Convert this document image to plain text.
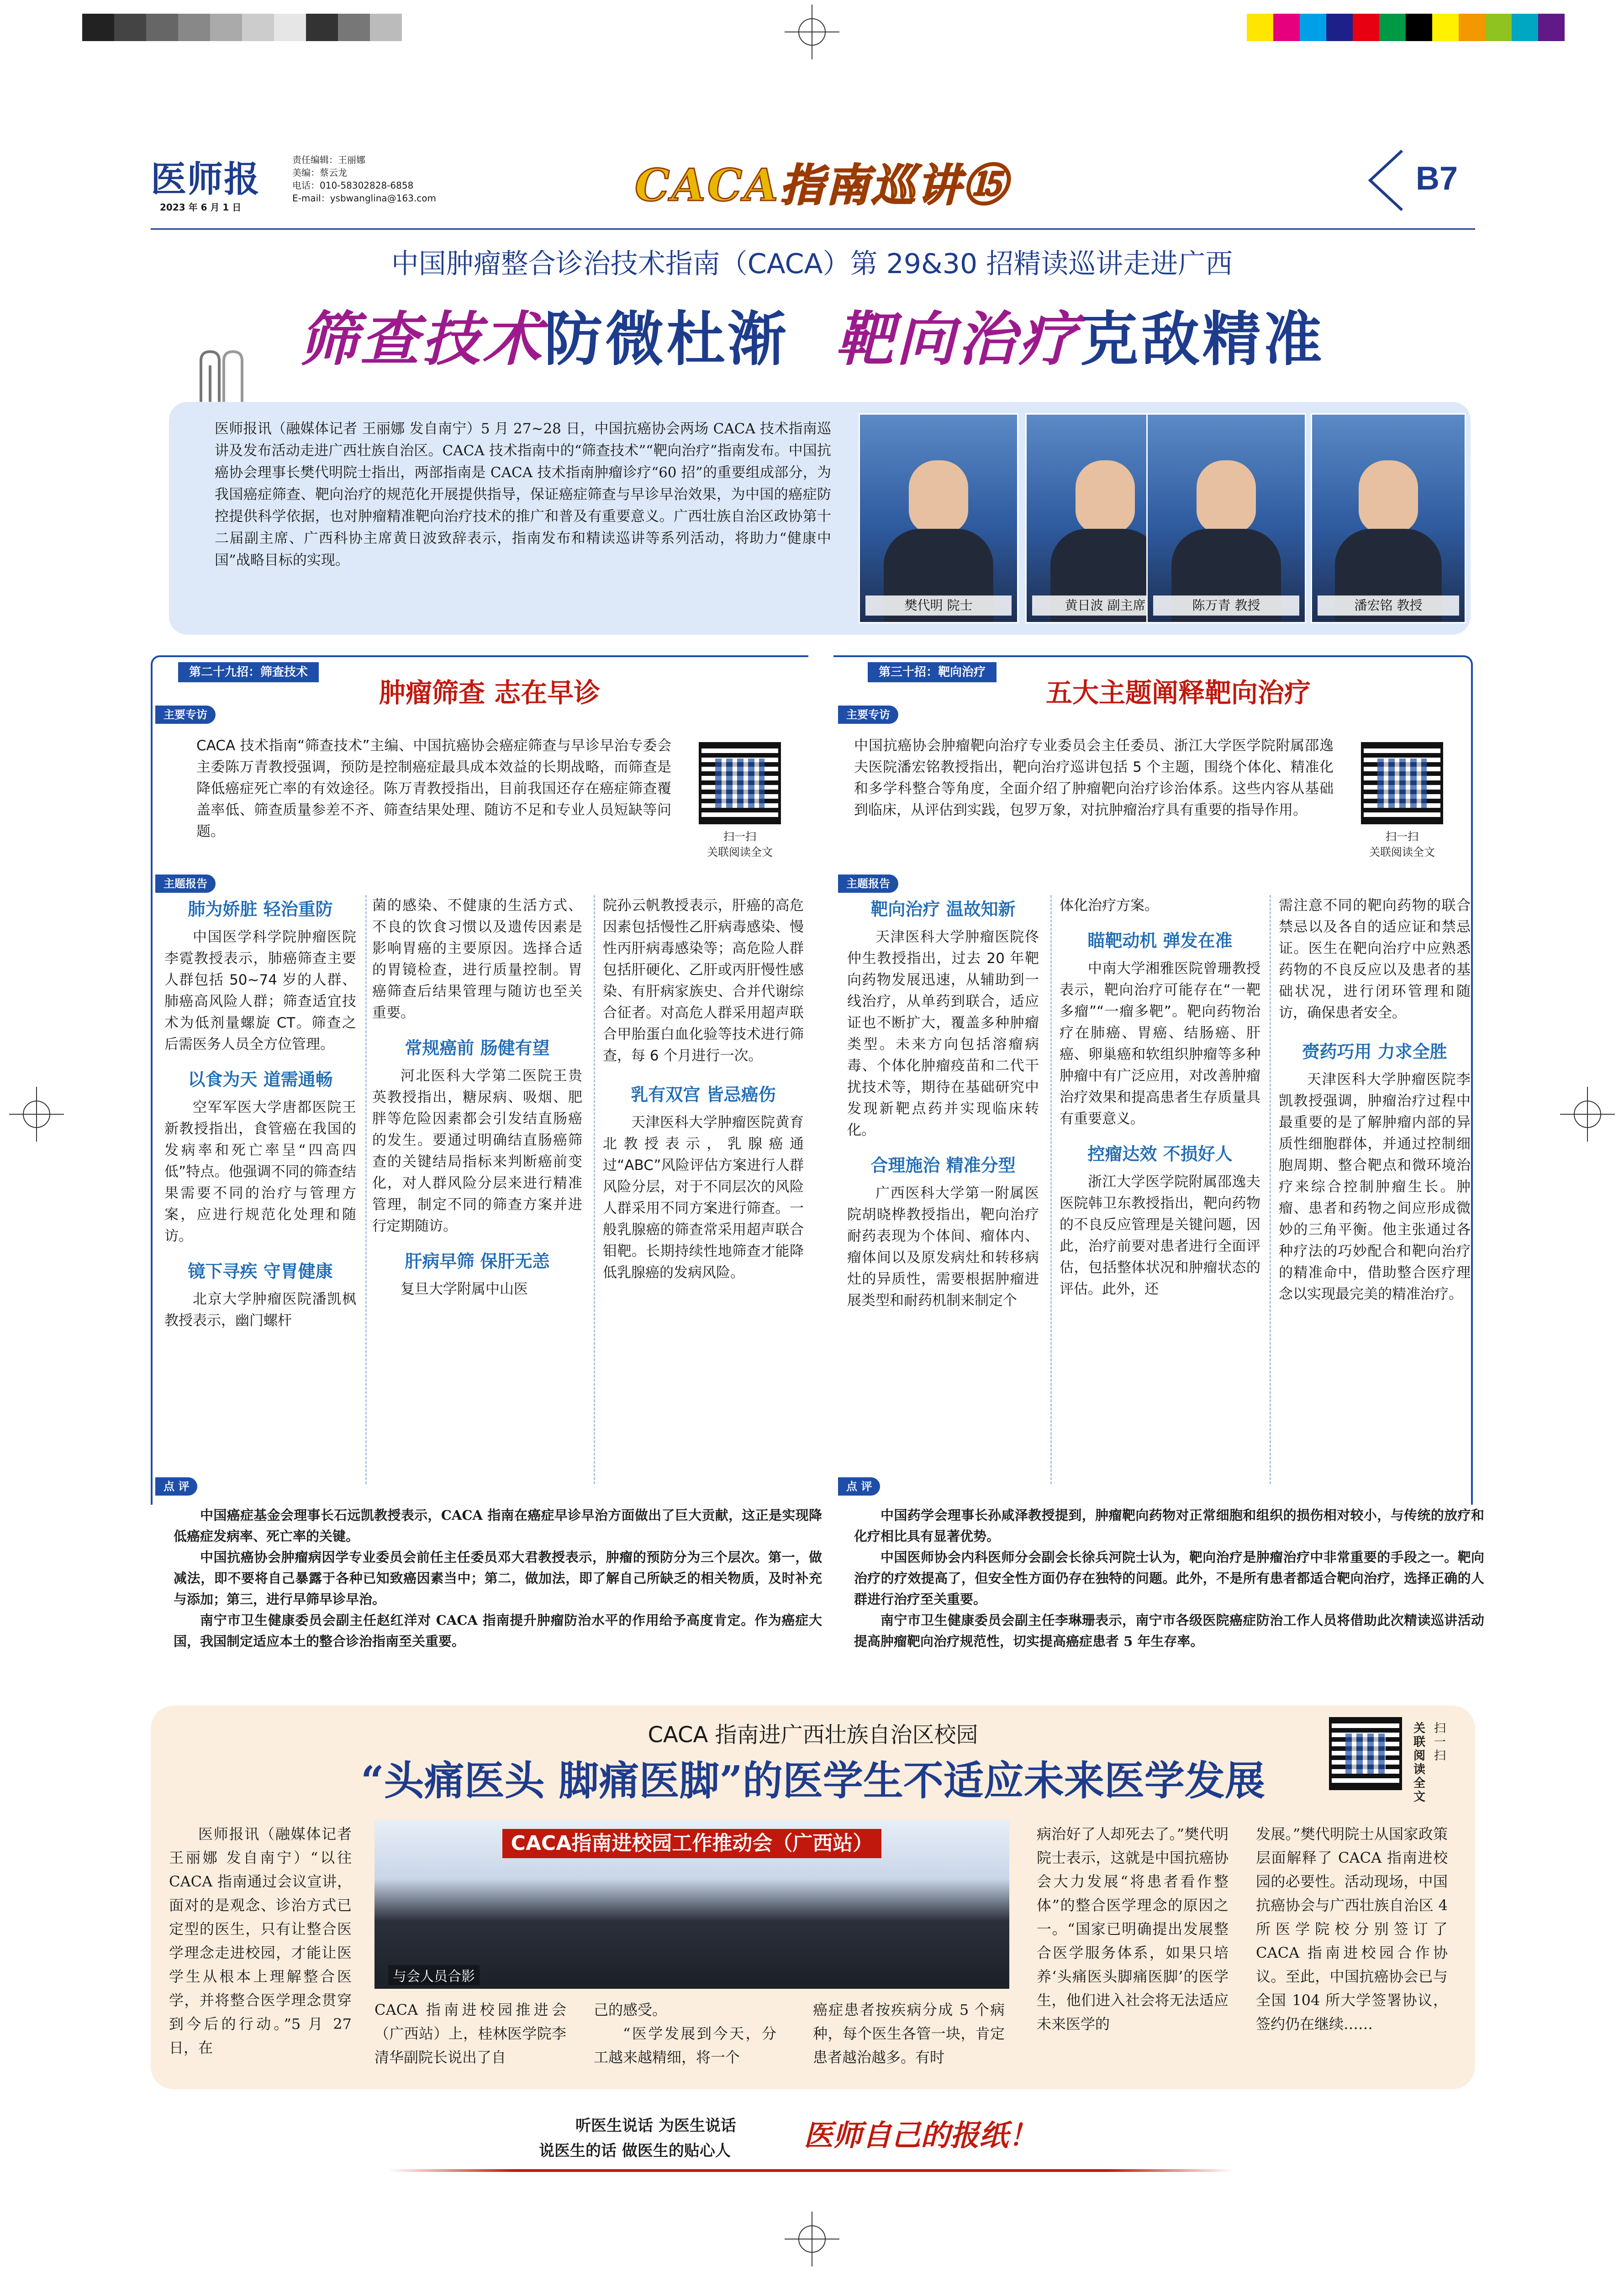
医师报
2023 年 6 月 1 日

责任编辑：王丽娜

美编：蔡云龙

电话：010-58302828-6858

E-mail：ysbwanglina@163.com	CACA指南巡讲⑮	B7
中国肿瘤整合诊治技术指南（CACA）第 29&30 招精读巡讲走进广西
筛查技术防微杜渐 靶向治疗克敌精准
医师报讯（融媒体记者 王丽娜 发自南宁）5 月 27~28 日，中国抗癌协会两场 CACA 技术指南巡讲及发布活动走进广西壮族自治区。CACA 技术指南中的“筛查技术”“靶向治疗”指南发布。中国抗癌协会理事长樊代明院士指出，两部指南是 CACA 技术指南肿瘤诊疗“60 招”的重要组成部分，为我国癌症筛查、靶向治疗的规范化开展提供指导，保证癌症筛查与早诊早治效果，为中国的癌症防控提供科学依据，也对肿瘤精准靶向治疗技术的推广和普及有重要意义。广西壮族自治区政协第十二届副主席、广西科协主席黄日波致辞表示，指南发布和精读巡讲等系列活动，将助力“健康中国”战略目标的实现。
樊代明 院士	黄日波 副主席	陈万青 教授	潘宏铭 教授
第二十九招：筛查技术
肿瘤筛查 志在早诊
主要专访
CACA 技术指南“筛查技术”主编、中国抗癌协会癌症筛查与早诊早治专委会主委陈万青教授强调，预防是控制癌症最具成本效益的长期战略，而筛查是降低癌症死亡率的有效途径。陈万青教授指出，目前我国还存在癌症筛查覆盖率低、筛查质量参差不齐、筛查结果处理、随访不足和专业人员短缺等问题。	扫一扫

关联阅读全文

主题报告
肺为娇脏 轻治重防

中国医学科学院肿瘤医院李霓教授表示，肺癌筛查主要人群包括 50~74 岁的人群、肺癌高风险人群；筛查适宜技术为低剂量螺旋 CT。筛查之后需医务人员全方位管理。

以食为天 道需通畅

空军军医大学唐都医院王新教授指出，食管癌在我国的发病率和死亡率呈“四高四低”特点。他强调不同的筛查结果需要不同的治疗与管理方案，应进行规范化处理和随访。

镜下寻疾 守胃健康

北京大学肿瘤医院潘凯枫教授表示，幽门螺杆

菌的感染、不健康的生活方式、不良的饮食习惯以及遗传因素是影响胃癌的主要原因。选择合适的胃镜检查，进行质量控制。胃癌筛查后结果管理与随访也至关重要。

常规癌前 肠健有望

河北医科大学第二医院王贵英教授指出，糖尿病、吸烟、肥胖等危险因素都会引发结直肠癌的发生。要通过明确结直肠癌筛查的关键结局指标来判断癌前变化，对人群风险分层来进行精准管理，制定不同的筛查方案并进行定期随访。

肝病早筛 保肝无恙

复旦大学附属中山医

院孙云帆教授表示，肝癌的高危因素包括慢性乙肝病毒感染、慢性丙肝病毒感染等；高危险人群包括肝硬化、乙肝或丙肝慢性感染、有肝病家族史、合并代谢综合征者。对高危人群采用超声联合甲胎蛋白血化验等技术进行筛查，每 6 个月进行一次。

乳有双宫 皆忌癌伤

天津医科大学肿瘤医院黄育北教授表示，乳腺癌通过“ABC”风险评估方案进行人群风险分层，对于不同层次的风险人群采用不同方案进行筛查。一般乳腺癌的筛查常采用超声联合钼靶。长期持续性地筛查才能降低乳腺癌的发病风险。

第三十招：靶向治疗
五大主题阐释靶向治疗
主要专访
中国抗癌协会肿瘤靶向治疗专业委员会主任委员、浙江大学医学院附属邵逸夫医院潘宏铭教授指出，靶向治疗巡讲包括 5 个主题，围绕个体化、精准化和多学科整合等角度，全面介绍了肿瘤靶向治疗诊治体系。这些内容从基础到临床，从评估到实践，包罗万象，对抗肿瘤治疗具有重要的指导作用。

扫一扫

关联阅读全文

主题报告
靶向治疗 温故知新

天津医科大学肿瘤医院佟仲生教授指出，过去 20 年靶向药物发展迅速，从辅助到一线治疗，从单药到联合，适应证也不断扩大，覆盖多种肿瘤类型。未来方向包括溶瘤病毒、个体化肿瘤疫苗和二代干扰技术等，期待在基础研究中发现新靶点药并实现临床转化。

合理施治 精准分型

广西医科大学第一附属医院胡晓桦教授指出，靶向治疗耐药表现为个体间、瘤体内、瘤体间以及原发病灶和转移病灶的异质性，需要根据肿瘤进展类型和耐药机制来制定个

体化治疗方案。

瞄靶动机 弹发在准

中南大学湘雅医院曾珊教授表示，靶向治疗可能存在“一靶多瘤”“一瘤多靶”。靶向药物治疗在肺癌、胃癌、结肠癌、肝癌、卵巢癌和软组织肿瘤等多种肿瘤中有广泛应用，对改善肿瘤治疗效果和提高患者生存质量具有重要意义。

控瘤达效 不损好人

浙江大学医学院附属邵逸夫医院韩卫东教授指出，靶向药物的不良反应管理是关键问题，因此，治疗前要对患者进行全面评估，包括整体状况和肿瘤状态的评估。此外，还

需注意不同的靶向药物的联合禁忌以及各自的适应证和禁忌证。医生在靶向治疗中应熟悉药物的不良反应以及患者的基础状况，进行闭环管理和随访，确保患者安全。

赍药巧用 力求全胜

天津医科大学肿瘤医院李凯教授强调，肿瘤治疗过程中最重要的是了解肿瘤内部的异质性细胞群体，并通过控制细胞周期、整合靶点和微环境治疗来综合控制肿瘤生长。肿瘤、患者和药物之间应形成微妙的三角平衡。他主张通过各种疗法的巧妙配合和靶向治疗的精准命中，借助整合医疗理念以实现最完美的精准治疗。

点 评

中国癌症基金会理事长石远凯教授表示，CACA 指南在癌症早诊早治方面做出了巨大贡献，这正是实现降低癌症发病率、死亡率的关键。

中国抗癌协会肿瘤病因学专业委员会前任主任委员邓大君教授表示，肿瘤的预防分为三个层次。第一，做减法，即不要将自己暴露于各种已知致癌因素当中；第二，做加法，即了解自己所缺乏的相关物质，及时补充与添加；第三，进行早筛早诊早治。

南宁市卫生健康委员会副主任赵红洋对 CACA 指南提升肿瘤防治水平的作用给予高度肯定。作为癌症大国，我国制定适应本土的整合诊治指南至关重要。

点 评

中国药学会理事长孙咸泽教授提到，肿瘤靶向药物对正常细胞和组织的损伤相对较小，与传统的放疗和化疗相比具有显著优势。

中国医师协会内科医师分会副会长徐兵河院士认为，靶向治疗是肿瘤治疗中非常重要的手段之一。靶向治疗的疗效提高了，但安全性方面仍存在独特的问题。此外，不是所有患者都适合靶向治疗，选择正确的人群进行治疗至关重要。

南宁市卫生健康委员会副主任李琳珊表示，南宁市各级医院癌症防治工作人员将借助此次精读巡讲活动提高肿瘤靶向治疗规范性，切实提高癌症患者 5 年生存率。

CACA 指南进广西壮族自治区校园
“头痛医头 脚痛医脚”的医学生不适应未来医学发展
关联阅读全文
扫一扫
医师报讯（融媒体记者 王丽娜 发自南宁）“以往 CACA 指南通过会议宣讲，面对的是观念、诊治方式已定型的医生，只有让整合医学理念走进校园，才能让医学生从根本上理解整合医学，并将整合医学理念贯穿到今后的行动。”5 月 27 日，在
CACA指南进校园工作推动会（广西站）
与会人员合影
CACA 指南进校园推进会（广西站）上，桂林医学院李清华副院长说出了自
己的感受。
“医学发展到今天，分工越来越精细，将一个
癌症患者按疾病分成 5 个病种，每个医生各管一块，肯定患者越治越多。有时
病治好了人却死去了。”樊代明院士表示，这就是中国抗癌协会大力发展“将患者看作整体”的整合医学理念的原因之一。“国家已明确提出发展整合医学服务体系，如果只培养‘头痛医头脚痛医脚’的医学生，他们进入社会将无法适应未来医学的
发展。”樊代明院士从国家政策层面解释了 CACA 指南进校园的必要性。活动现场，中国抗癌协会与广西壮族自治区 4 所医学院校分别签订了 CACA 指南进校园合作协议。至此，中国抗癌协会已与全国 104 所大学签署协议，签约仍在继续……
听医生说话 为医生说话
说医生的话 做医生的贴心人	医师自己的报纸！
